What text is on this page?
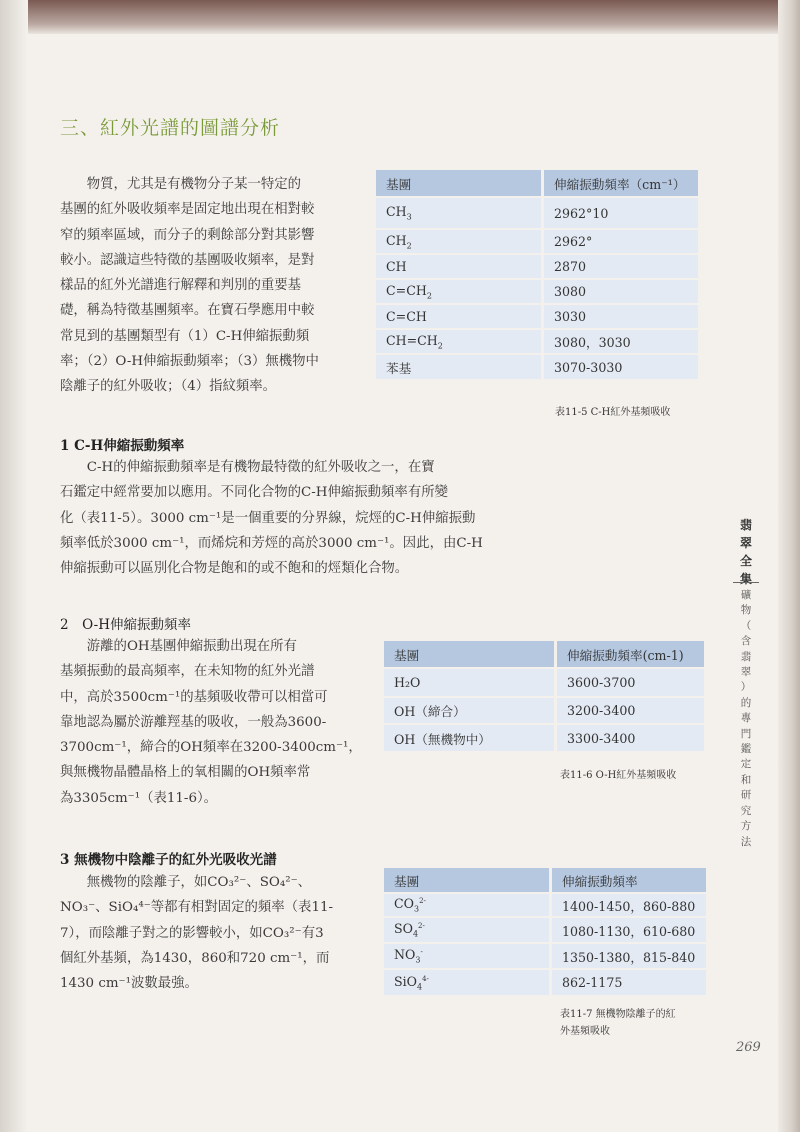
三、紅外光譜的圖譜分析

　　物質，尤其是有機物分子某一特定的
基團的紅外吸收頻率是固定地出現在相對較
窄的頻率區域，而分子的剩餘部分對其影響
較小。認識這些特徵的基團吸收頻率，是對
樣品的紅外光譜進行解釋和判別的重要基
礎，稱為特徵基團頻率。在寶石學應用中較
常見到的基團類型有（1）C-H伸縮振動頻
率；（2）O-H伸縮振動頻率；（3）無機物中
陰離子的紅外吸收；（4）指紋頻率。

基團	伸縮振動頻率（cm⁻¹）
$CH_3$	2962°10
$CH_2$	2962°
CH	2870
$C=CH_2$	3080
C=CH	3030
$CH=CH_2$	3080，3030
苯基	3070-3030
表11-5 C-H紅外基頻吸收
1 C-H伸縮振動頻率

　　C-H的伸縮振動頻率是有機物最特徵的紅外吸收之一，在寶
石鑑定中經常要加以應用。不同化合物的C-H伸縮振動頻率有所變
化（表11-5）。3000 cm⁻¹是一個重要的分界線，烷烴的C-H伸縮振動
頻率低於3000 cm⁻¹，而烯烷和芳烴的高於3000 cm⁻¹。因此，由C-H
伸縮振動可以區別化合物是飽和的或不飽和的烴類化合物。

2　O-H伸縮振動頻率

　　游離的OH基團伸縮振動出現在所有
基頻振動的最高頻率，在未知物的紅外光譜
中，高於3500cm⁻¹的基頻吸收帶可以相當可
靠地認為屬於游離羥基的吸收，一般為3600-
3700cm⁻¹，締合的OH頻率在3200-3400cm⁻¹，
與無機物晶體晶格上的氧相關的OH頻率常
為3305cm⁻¹（表11-6）。

基團	伸縮振動頻率(cm-1)
H₂O	3600-3700
OH（締合）	3200-3400
OH（無機物中）	3300-3400
表11-6 O-H紅外基頻吸收
3 無機物中陰離子的紅外光吸收光譜

　　無機物的陰離子，如CO₃²⁻、SO₄²⁻、
NO₃⁻、SiO₄⁴⁻等都有相對固定的頻率（表11-
7），而陰離子對之的影響較小，如CO₃²⁻有3
個紅外基頻，為1430，860和720 cm⁻¹，而
1430 cm⁻¹波數最強。

基團	伸縮振動頻率
$CO_3^{2-}$	1400-1450，860-880
$SO_4^{2-}$	1080-1130，610-680
$NO_3^-$	1350-1380，815-840
SiO$_4^{4-}$	862-1175
表11-7 無機物陰離子的紅
外基頻吸收
翡
翠
全
集
礦
物
（
含
翡
翠
）
的
專
門
鑑
定
和
研
究
方
法
269
